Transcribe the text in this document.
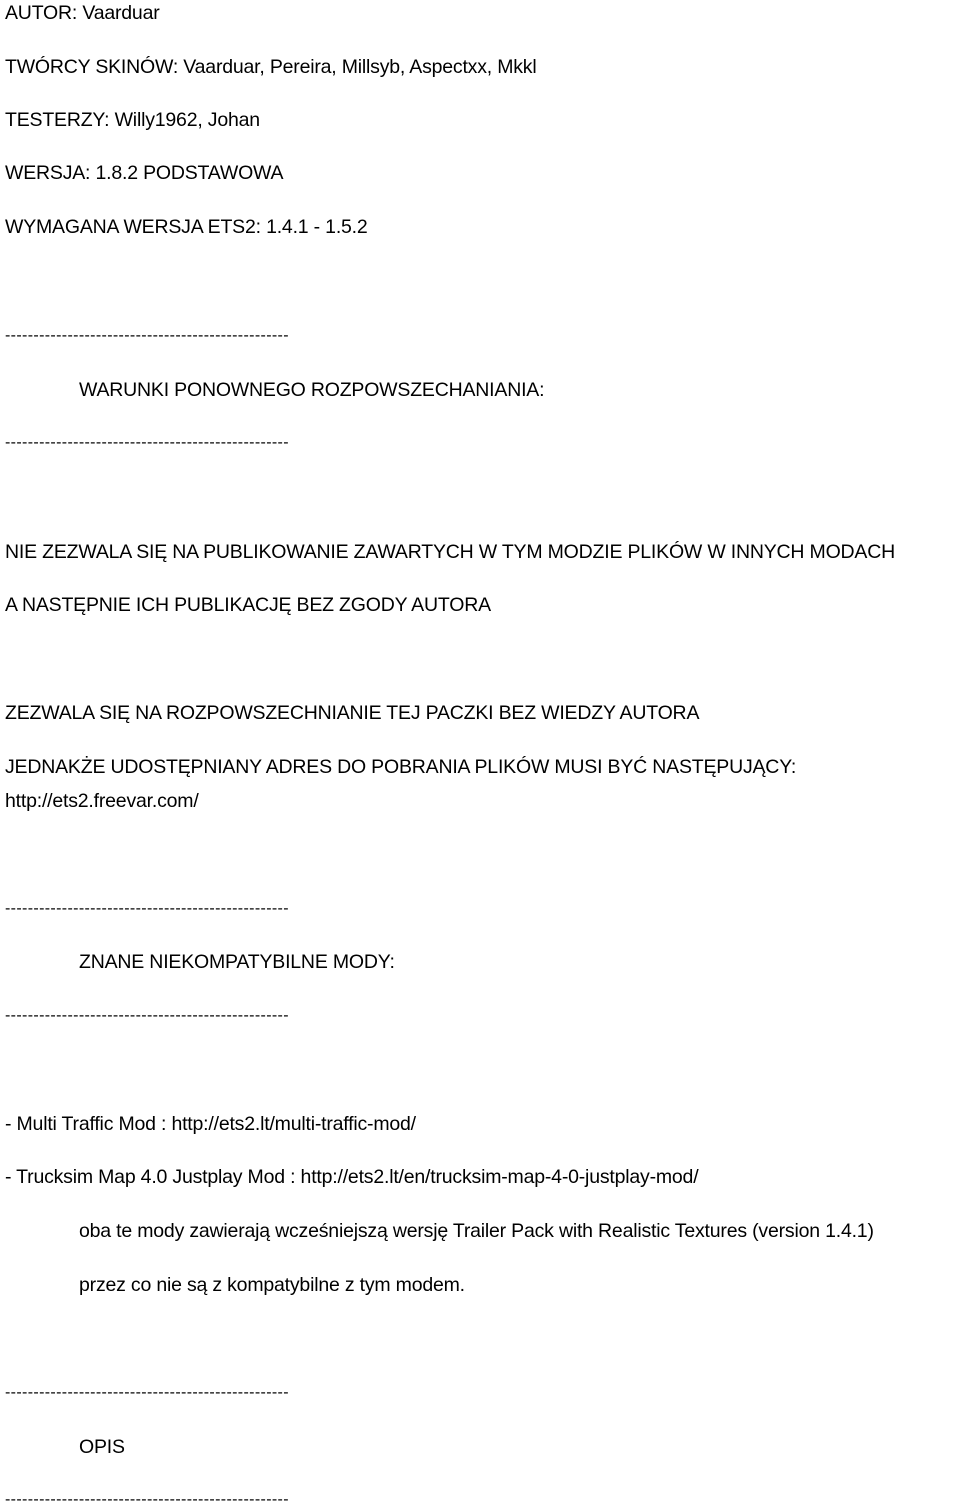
AUTOR: Vaarduar

TWÓRCY SKINÓW: Vaarduar, Pereira, Millsyb, Aspectxx, Mkkl

TESTERZY: Willy1962, Johan

WERSJA: 1.8.2 PODSTAWOWA

WYMAGANA WERSJA ETS2: 1.4.1 - 1.5.2

--------------------------------------------------

WARUNKI PONOWNEGO ROZPOWSZECHANIANIA:

--------------------------------------------------

NIE ZEZWALA SIĘ NA PUBLIKOWANIE ZAWARTYCH W TYM MODZIE PLIKÓW W INNYCH MODACH

A NASTĘPNIE ICH PUBLIKACJĘ BEZ ZGODY AUTORA

ZEZWALA SIĘ NA ROZPOWSZECHNIANIE TEJ PACZKI BEZ WIEDZY AUTORA

JEDNAKŻE UDOSTĘPNIANY ADRES DO POBRANIA PLIKÓW MUSI BYĆ NASTĘPUJĄCY:

http://ets2.freevar.com/

--------------------------------------------------

ZNANE NIEKOMPATYBILNE MODY:

--------------------------------------------------

- Multi Traffic Mod : http://ets2.lt/multi-traffic-mod/

- Trucksim Map 4.0 Justplay Mod : http://ets2.lt/en/trucksim-map-4-0-justplay-mod/

oba te mody zawierają wcześniejszą wersję Trailer Pack with Realistic Textures (version 1.4.1)

przez co nie są z kompatybilne z tym modem.

--------------------------------------------------

OPIS

--------------------------------------------------
